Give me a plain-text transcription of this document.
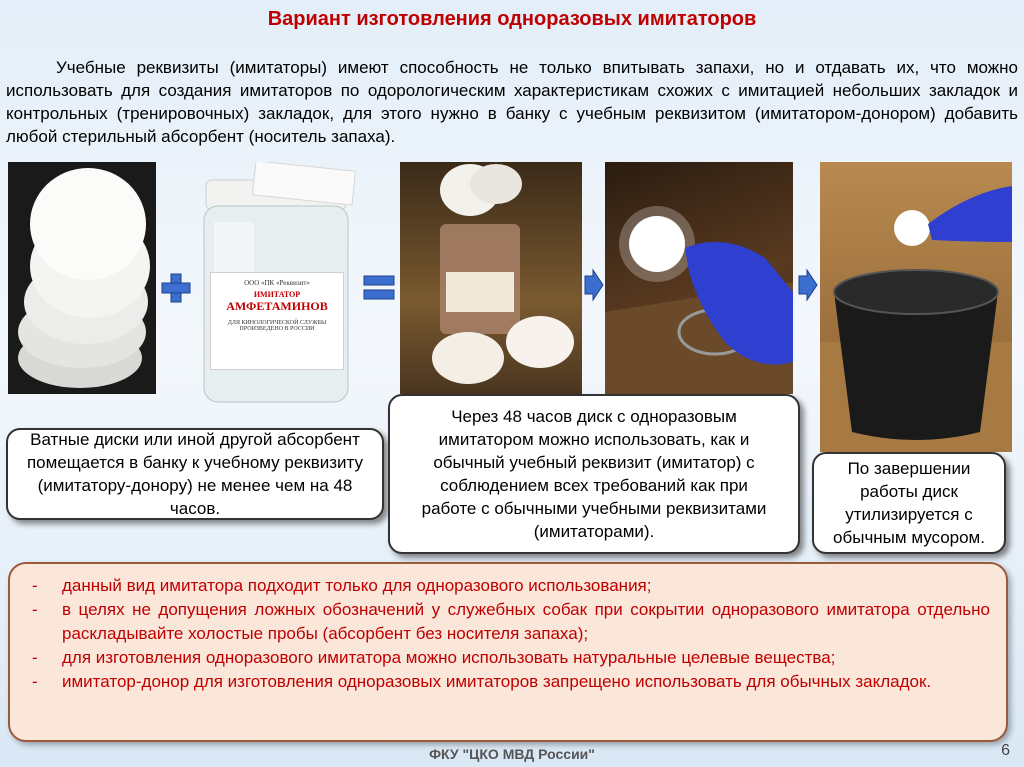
Вариант изготовления одноразовых имитаторов
Учебные реквизиты (имитаторы) имеют способность не только впитывать запахи, но и отдавать их, что можно использовать для создания имитаторов по одорологическим характеристикам схожих с имитацией небольших закладок и контрольных (тренировочных) закладок, для этого нужно в банку с учебным реквизитом (имитатором-донором) добавить любой стерильный абсорбент (носитель запаха).
ООО «ПК «Реквизит»
ИМИТАТОР
АМФЕТАМИНОВ
ДЛЯ КИНОЛОГИЧЕСКОЙ СЛУЖБЫ
ПРОИЗВЕДЕНО В РОССИИ
Ватные диски или иной другой абсорбент помещается в банку к учебному реквизиту (имитатору-донору) не менее чем на 48 часов.
Через 48 часов диск с одноразовым имитатором можно использовать, как и обычный учебный реквизит (имитатор) с соблюдением всех требований как при работе с обычными учебными реквизитами (имитаторами).
По завершении работы диск утилизируется с обычным мусором.
- данный вид имитатора подходит только для одноразового использования;
- в целях не допущения ложных обозначений у служебных собак при сокрытии одноразового имитатора отдельно раскладывайте холостые пробы (абсорбент без носителя запаха);
- для изготовления одноразового имитатора можно использовать натуральные целевые вещества;
- имитатор-донор для изготовления одноразовых имитаторов запрещено использовать для обычных закладок.
ФКУ "ЦКО МВД России"	6
